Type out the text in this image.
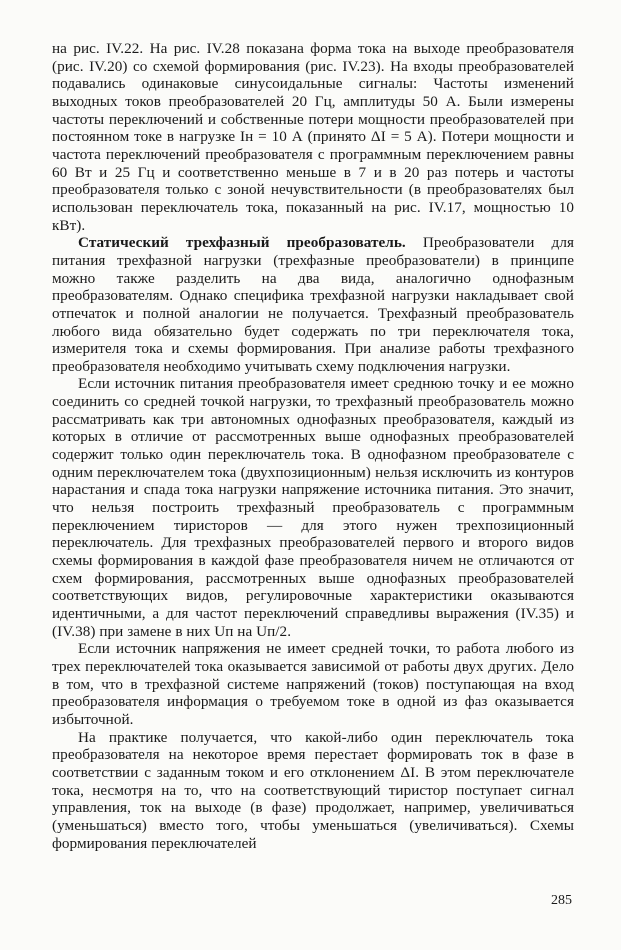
на рис. IV.22. На рис. IV.28 показана форма тока на выходе преобразователя (рис. IV.20) со схемой формирования (рис. IV.23). На входы преобразователей подавались одинаковые синусоидальные сигналы: Частоты изменений выходных токов преобразователей 20 Гц, амплитуды 50 А. Были измерены частоты переключений и собственные потери мощности преобразователей при постоянном токе в нагрузке Iн = 10 А (принято ΔI = 5 А). Потери мощности и частота переключений преобразователя с программным переключением равны 60 Вт и 25 Гц и соответственно меньше в 7 и в 20 раз потерь и частоты преобразователя только с зоной нечувствительности (в преобразователях был использован переключатель тока, показанный на рис. IV.17, мощностью 10 кВт).

Статический трехфазный преобразователь. Преобразователи для питания трехфазной нагрузки (трехфазные преобразователи) в принципе можно также разделить на два вида, аналогично однофазным преобразователям. Однако специфика трехфазной нагрузки накладывает свой отпечаток и полной аналогии не получается. Трехфазный преобразователь любого вида обязательно будет содержать по три переключателя тока, измерителя тока и схемы формирования. При анализе работы трехфазного преобразователя необходимо учитывать схему подключения нагрузки.

Если источник питания преобразователя имеет среднюю точку и ее можно соединить со средней точкой нагрузки, то трехфазный преобразователь можно рассматривать как три автономных однофазных преобразователя, каждый из которых в отличие от рассмотренных выше однофазных преобразователей содержит только один переключатель тока. В однофазном преобразователе с одним переключателем тока (двухпозиционным) нельзя исключить из контуров нарастания и спада тока нагрузки напряжение источника питания. Это значит, что нельзя построить трехфазный преобразователь с программным переключением тиристоров — для этого нужен трехпозиционный переключатель. Для трехфазных преобразователей первого и второго видов схемы формирования в каждой фазе преобразователя ничем не отличаются от схем формирования, рассмотренных выше однофазных преобразователей соответствующих видов, регулировочные характеристики оказываются идентичными, а для частот переключений справедливы выражения (IV.35) и (IV.38) при замене в них Uп на Uп/2.

Если источник напряжения не имеет средней точки, то работа любого из трех переключателей тока оказывается зависимой от работы двух других. Дело в том, что в трехфазной системе напряжений (токов) поступающая на вход преобразователя информация о требуемом токе в одной из фаз оказывается избыточной.

На практике получается, что какой-либо один переключатель тока преобразователя на некоторое время перестает формировать ток в фазе в соответствии с заданным током и его отклонением ΔI. В этом переключателе тока, несмотря на то, что на соответствующий тиристор поступает сигнал управления, ток на выходе (в фазе) продолжает, например, увеличиваться (уменьшаться) вместо того, чтобы уменьшаться (увеличиваться). Схемы формирования переключателей

285
